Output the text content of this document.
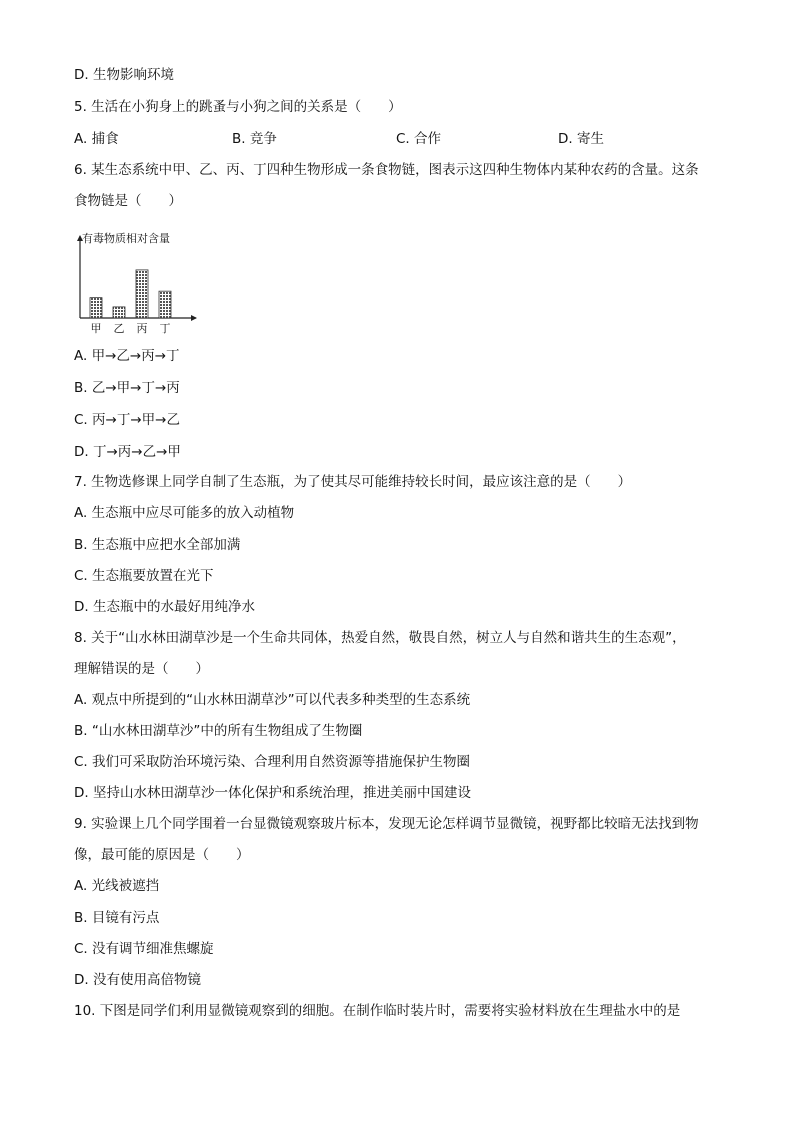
D. 生物影响环境

5. 生活在小狗身上的跳蚤与小狗之间的关系是（　　）

A. 捕食	B. 竞争	C. 合作	D. 寄生

6. 某生态系统中甲、乙、丙、丁四种生物形成一条食物链，图表示这四种生物体内某种农药的含量。这条

食物链是（　　）

有毒物质相对含量
甲 乙 丙 丁

A. 甲→乙→丙→丁

B. 乙→甲→丁→丙

C. 丙→丁→甲→乙

D. 丁→丙→乙→甲

7. 生物选修课上同学自制了生态瓶，为了使其尽可能维持较长时间，最应该注意的是（　　）

A. 生态瓶中应尽可能多的放入动植物

B. 生态瓶中应把水全部加满

C. 生态瓶要放置在光下

D. 生态瓶中的水最好用纯净水

8. 关于“山水林田湖草沙是一个生命共同体，热爱自然，敬畏自然，树立人与自然和谐共生的生态观”，

理解错误的是（　　）

A. 观点中所提到的“山水林田湖草沙”可以代表多种类型的生态系统

B. “山水林田湖草沙”中的所有生物组成了生物圈

C. 我们可采取防治环境污染、合理利用自然资源等措施保护生物圈

D. 坚持山水林田湖草沙一体化保护和系统治理，推进美丽中国建设

9. 实验课上几个同学围着一台显微镜观察玻片标本，发现无论怎样调节显微镜，视野都比较暗无法找到物

像，最可能的原因是（　　）

A. 光线被遮挡

B. 目镜有污点

C. 没有调节细准焦螺旋

D. 没有使用高倍物镜

10. 下图是同学们利用显微镜观察到的细胞。在制作临时装片时，需要将实验材料放在生理盐水中的是
